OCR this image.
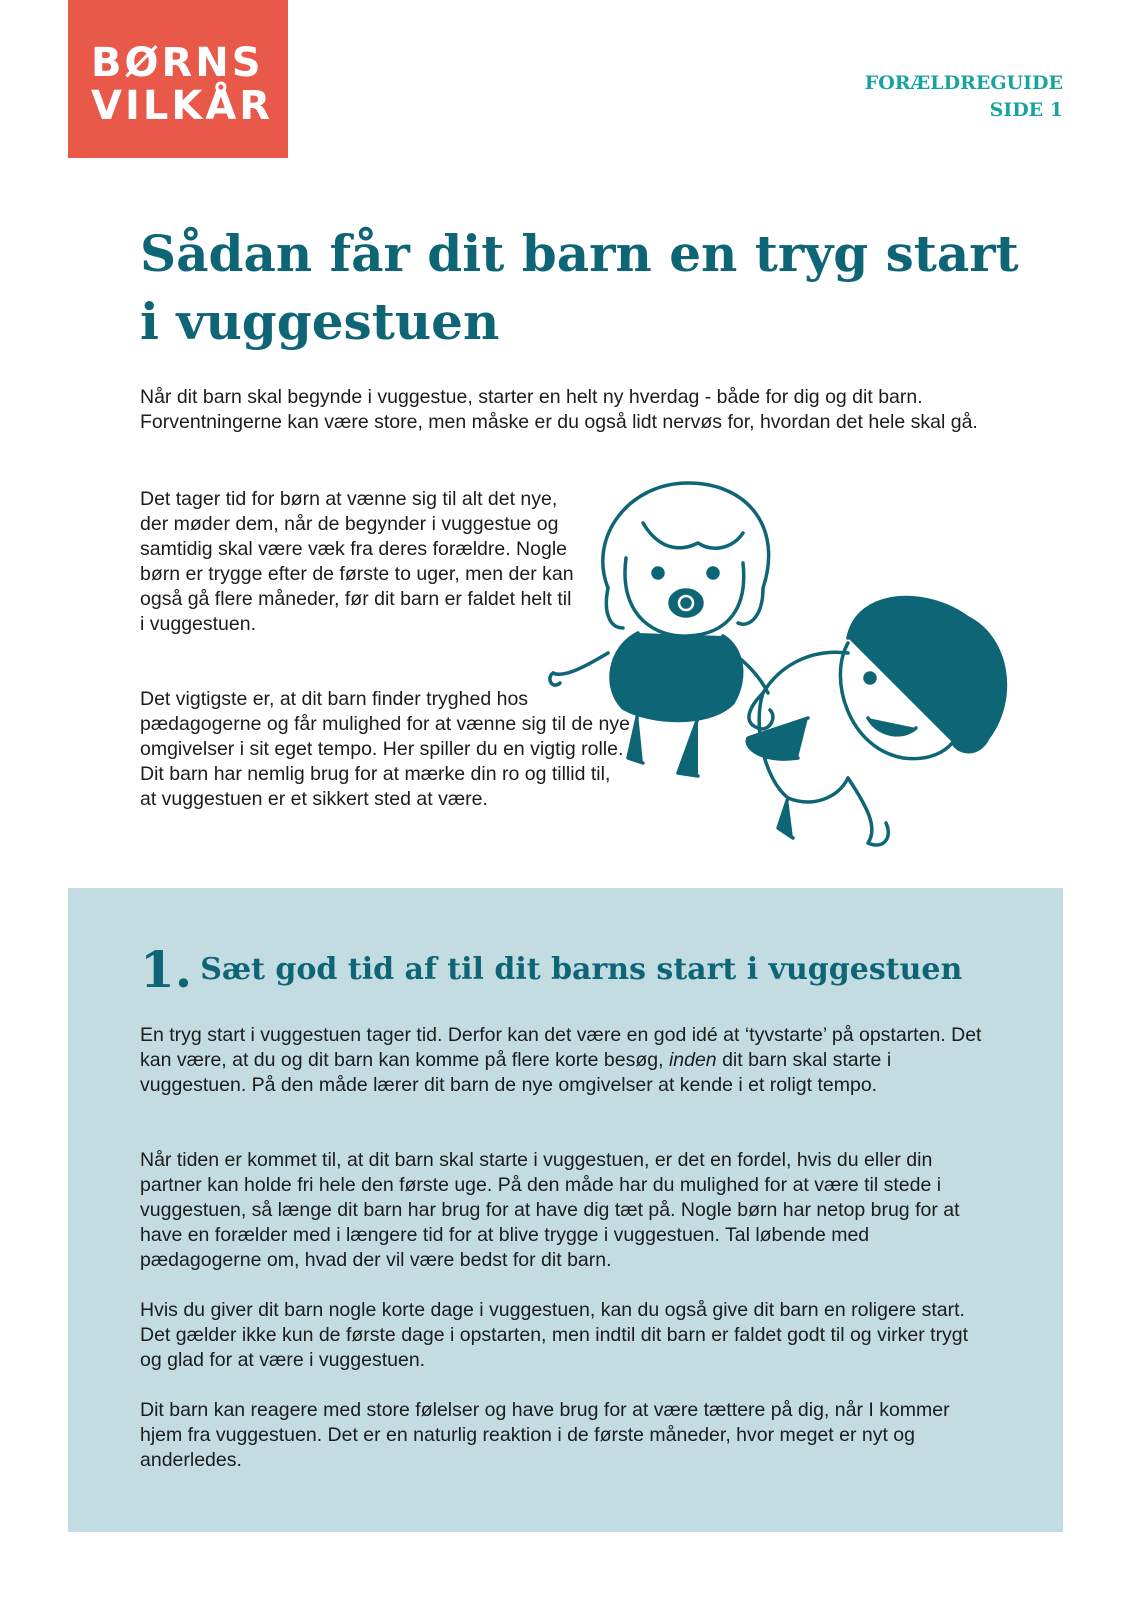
BØRNS
VILKÅR	FORÆLDREGUIDE
SIDE 1
Sådan får dit barn en tryg start i vuggestuen

Når dit barn skal begynde i vuggestue, starter en helt ny hverdag - både for dig og dit barn. Forventningerne kan være store, men måske er du også lidt nervøs for, hvordan det hele skal gå.

Det tager tid for børn at vænne sig til alt det nye, der møder dem, når de begynder i vuggestue og samtidig skal være væk fra deres forældre. Nogle børn er trygge efter de første to uger, men der kan også gå flere måneder, før dit barn er faldet helt til i vuggestuen.

Det vigtigste er, at dit barn finder tryghed hos pædagogerne og får mulighed for at vænne sig til de nye omgivelser i sit eget tempo. Her spiller du en vigtig rolle. Dit barn har nemlig brug for at mærke din ro og tillid til, at vuggestuen er et sikkert sted at være.

1. Sæt god tid af til dit barns start i vuggestuen

En tryg start i vuggestuen tager tid. Derfor kan det være en god idé at ‘tyvstarte’ på opstarten. Det kan være, at du og dit barn kan komme på flere korte besøg, inden dit barn skal starte i vuggestuen. På den måde lærer dit barn de nye omgivelser at kende i et roligt tempo.

Når tiden er kommet til, at dit barn skal starte i vuggestuen, er det en fordel, hvis du eller din partner kan holde fri hele den første uge. På den måde har du mulighed for at være til stede i vuggestuen, så længe dit barn har brug for at have dig tæt på. Nogle børn har netop brug for at have en forælder med i længere tid for at blive trygge i vuggestuen. Tal løbende med pædagogerne om, hvad der vil være bedst for dit barn.

Hvis du giver dit barn nogle korte dage i vuggestuen, kan du også give dit barn en roligere start. Det gælder ikke kun de første dage i opstarten, men indtil dit barn er faldet godt til og virker trygt og glad for at være i vuggestuen.

Dit barn kan reagere med store følelser og have brug for at være tættere på dig, når I kommer hjem fra vuggestuen. Det er en naturlig reaktion i de første måneder, hvor meget er nyt og anderledes.
